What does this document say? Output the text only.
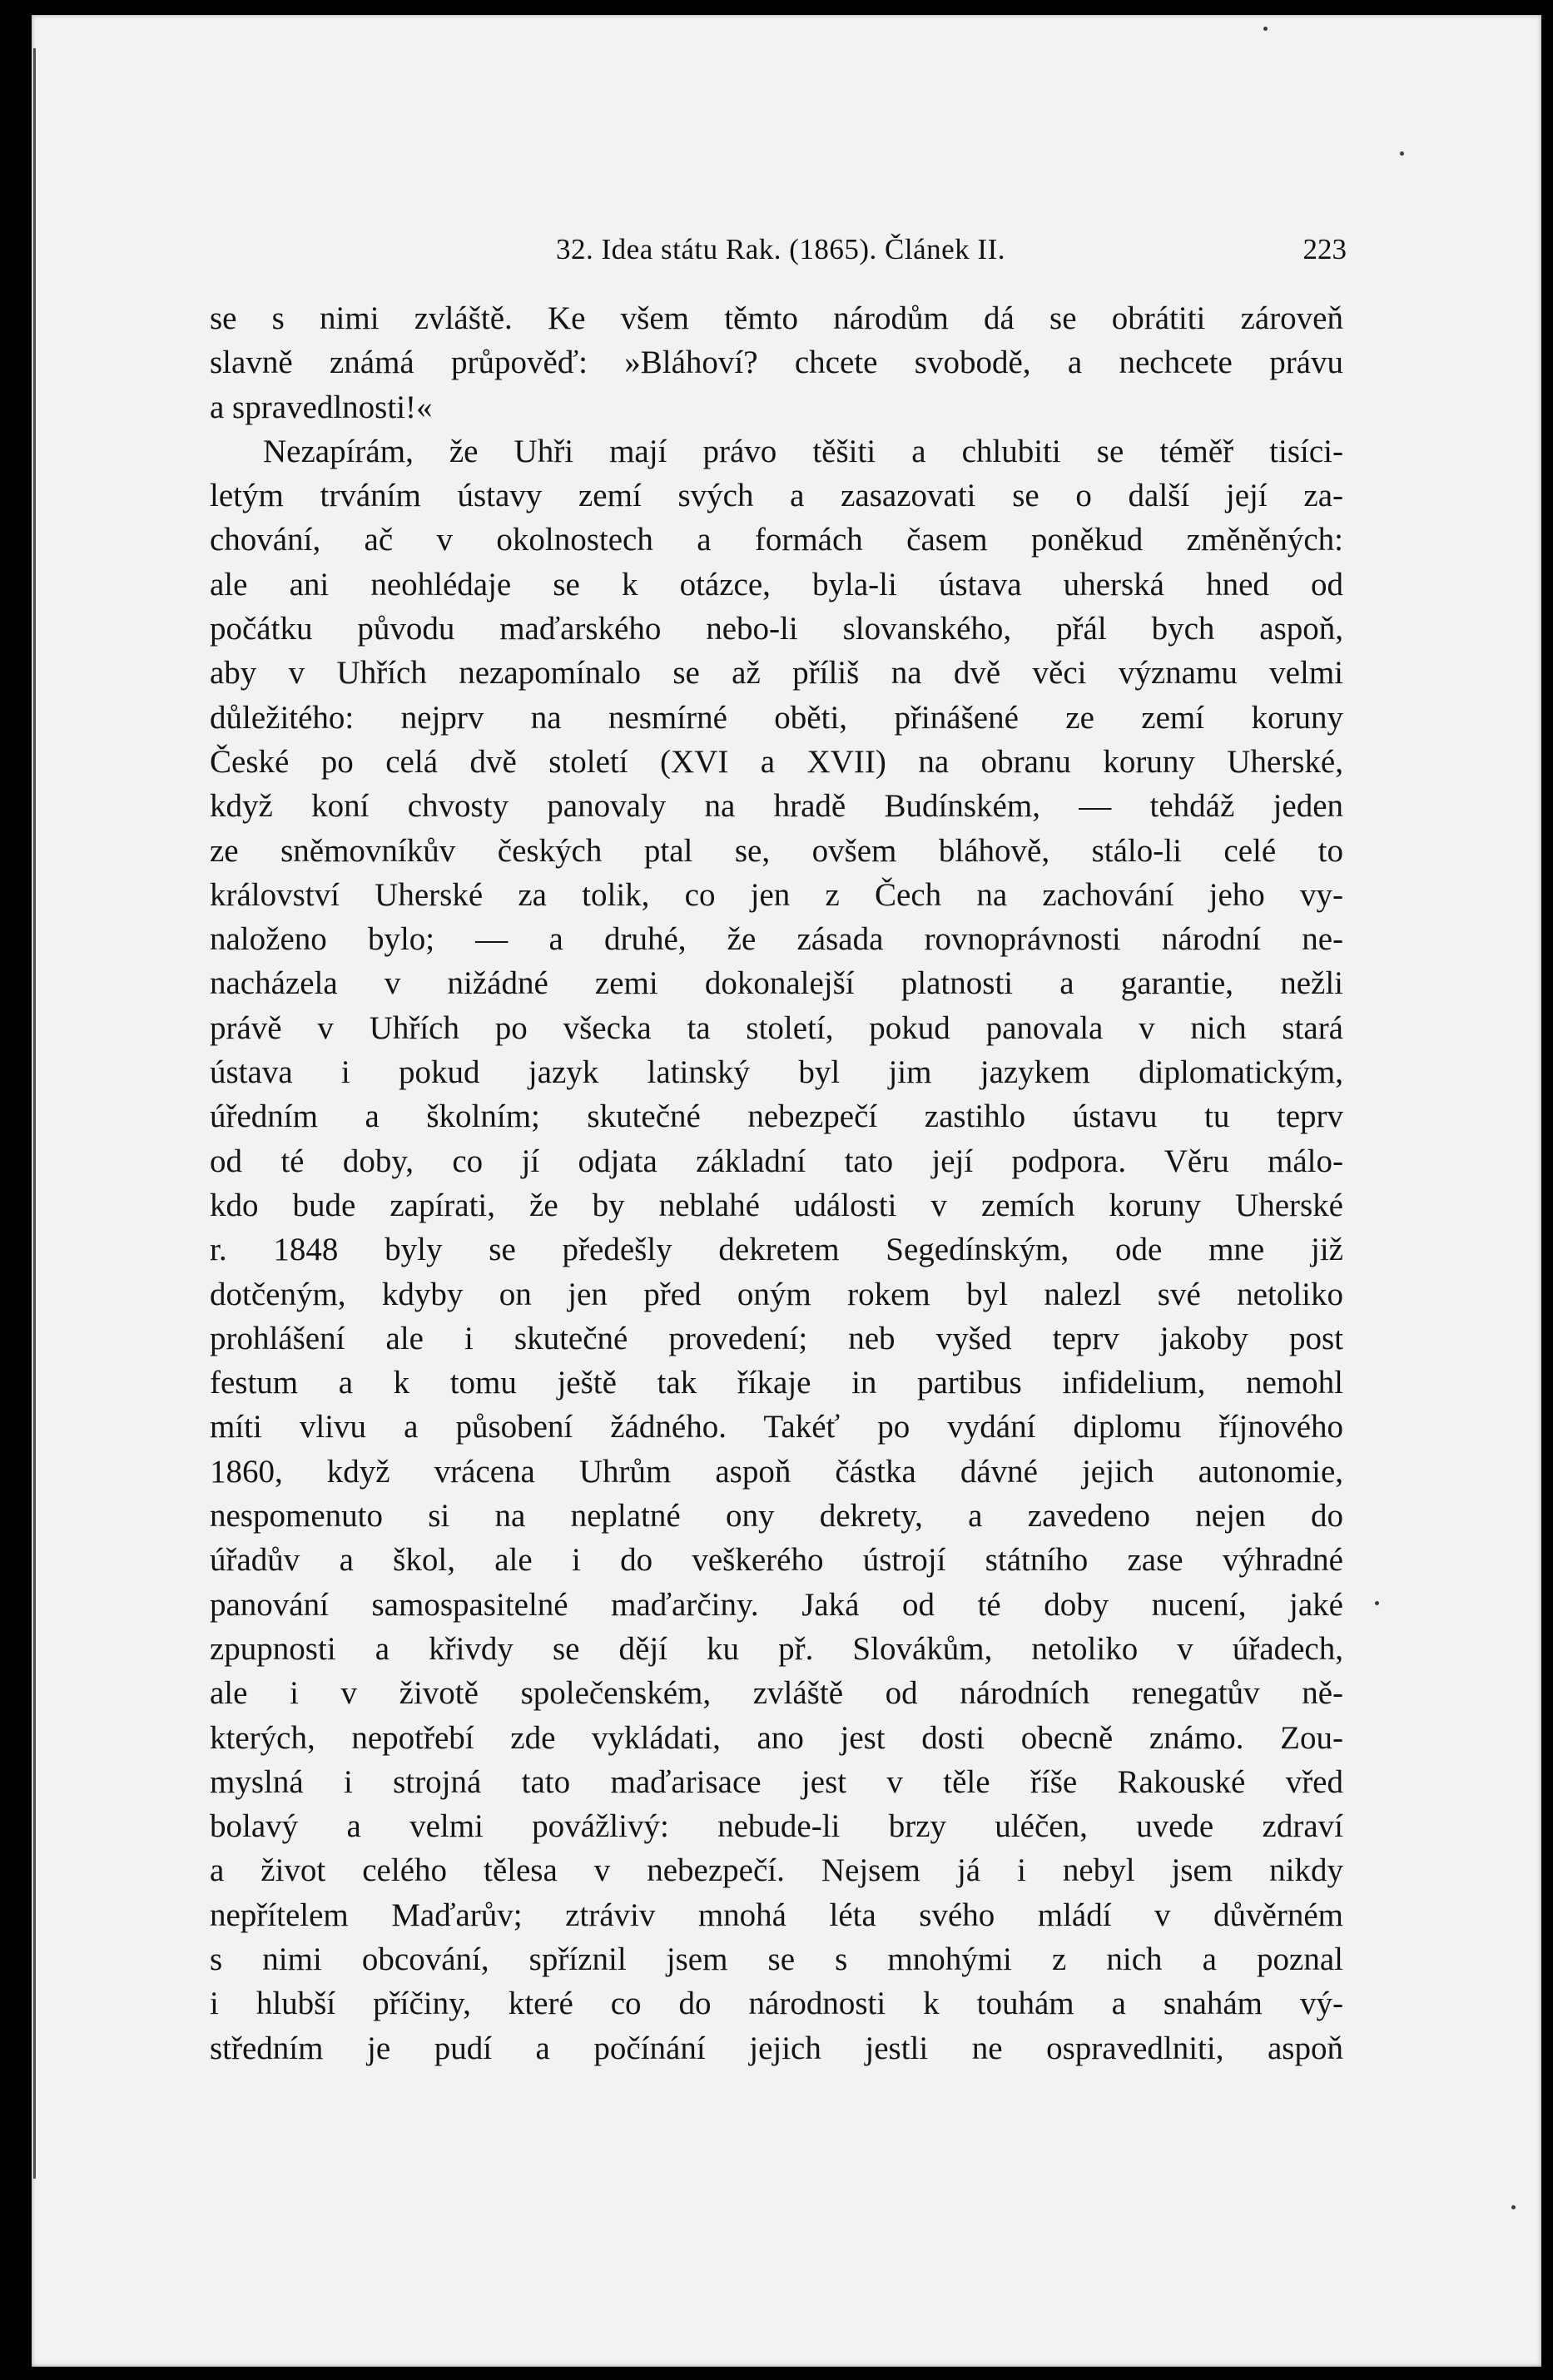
32. Idea státu Rak. (1865). Článek II.	223
se s nimi zvláště. Ke všem těmto národům dá se obrátiti zároveň
slavně známá průpověď: »Bláhoví? chcete svobodě, a nechcete právu
a spravedlnosti!«
Nezapírám, že Uhři mají právo těšiti a chlubiti se téměř tisíci-
letým trváním ústavy zemí svých a zasazovati se o další její za-
chování, ač v okolnostech a formách časem poněkud změněných:
ale ani neohlédaje se k otázce, byla-li ústava uherská hned od
počátku původu maďarského nebo-li slovanského, přál bych aspoň,
aby v Uhřích nezapomínalo se až příliš na dvě věci významu velmi
důležitého: nejprv na nesmírné oběti, přinášené ze zemí koruny
České po celá dvě století (XVI a XVII) na obranu koruny Uherské,
když koní chvosty panovaly na hradě Budínském, — tehdáž jeden
ze sněmovníkův českých ptal se, ovšem bláhově, stálo-li celé to
království Uherské za tolik, co jen z Čech na zachování jeho vy-
naloženo bylo; — a druhé, že zásada rovnoprávnosti národní ne-
nacházela v nižádné zemi dokonalejší platnosti a garantie, nežli
právě v Uhřích po všecka ta století, pokud panovala v nich stará
ústava i pokud jazyk latinský byl jim jazykem diplomatickým,
úředním a školním; skutečné nebezpečí zastihlo ústavu tu teprv
od té doby, co jí odjata základní tato její podpora. Věru málo-
kdo bude zapírati, že by neblahé události v zemích koruny Uherské
r. 1848 byly se předešly dekretem Segedínským, ode mne již
dotčeným, kdyby on jen před oným rokem byl nalezl své netoliko
prohlášení ale i skutečné provedení; neb vyšed teprv jakoby post
festum a k tomu ještě tak říkaje in partibus infidelium, nemohl
míti vlivu a působení žádného. Takéť po vydání diplomu říjnového
1860, když vrácena Uhrům aspoň částka dávné jejich autonomie,
nespomenuto si na neplatné ony dekrety, a zavedeno nejen do
úřadův a škol, ale i do veškerého ústrojí státního zase výhradné
panování samospasitelné maďarčiny. Jaká od té doby nucení, jaké
zpupnosti a křivdy se dějí ku př. Slovákům, netoliko v úřadech,
ale i v životě společenském, zvláště od národních renegatův ně-
kterých, nepotřebí zde vykládati, ano jest dosti obecně známo. Zou-
myslná i strojná tato maďarisace jest v těle říše Rakouské vřed
bolavý a velmi povážlivý: nebude-li brzy uléčen, uvede zdraví
a život celého tělesa v nebezpečí. Nejsem já i nebyl jsem nikdy
nepřítelem Maďarův; ztráviv mnohá léta svého mládí v důvěrném
s nimi obcování, spříznil jsem se s mnohými z nich a poznal
i hlubší příčiny, které co do národnosti k touhám a snahám vý-
středním je pudí a počínání jejich jestli ne ospravedlniti, aspoň
